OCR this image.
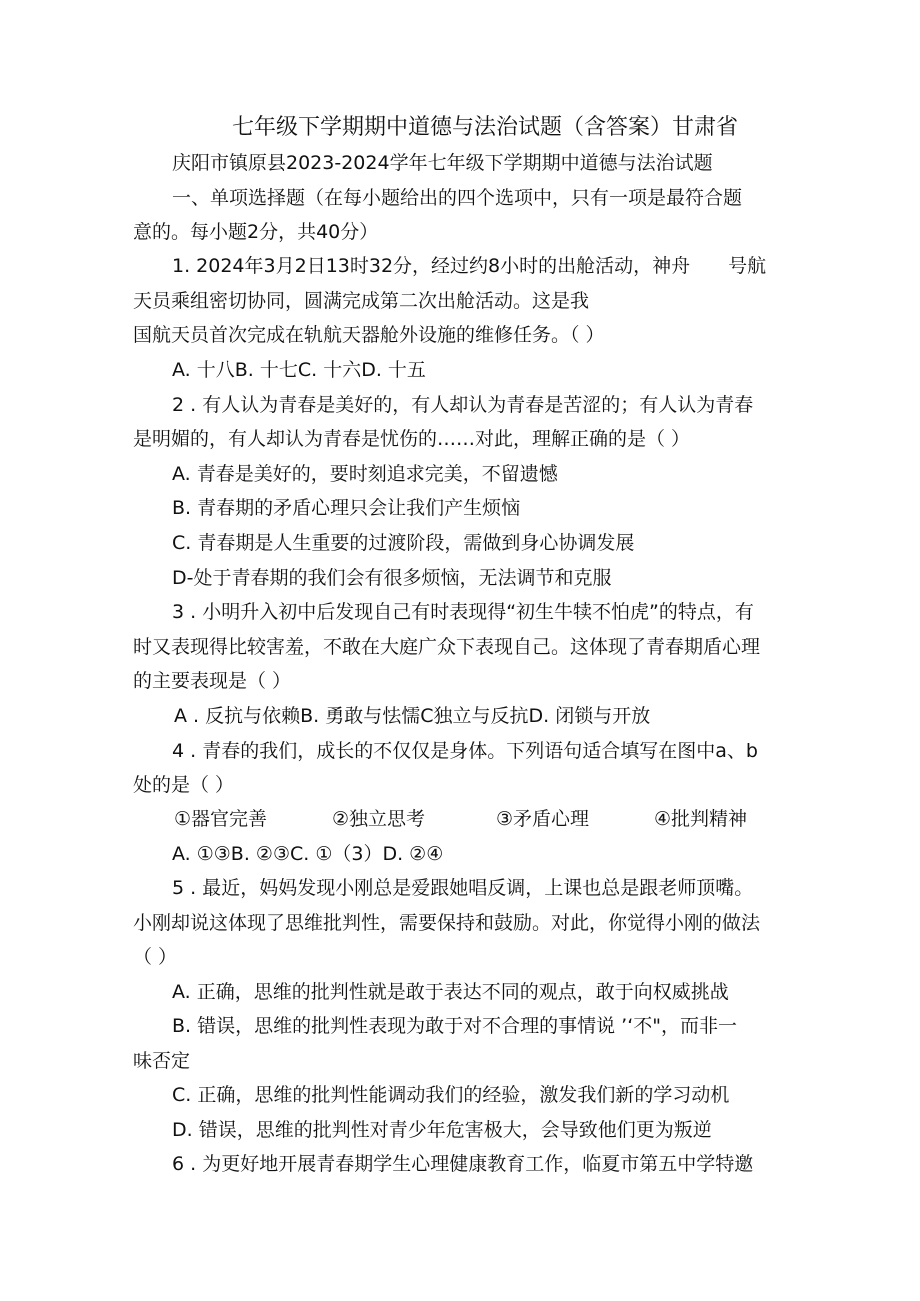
七年级下学期期中道德与法治试题（含答案）甘肃省
庆阳市镇原县2023-2024学年七年级下学期期中道德与法治试题
一、单项选择题（在每小题给出的四个选项中，只有一项是最符合题
意的。每小题2分，共40分）
1. 2024年3月2日13时32分，经过约8小时的出舱活动，神舟　　号航
天员乘组密切协同，圆满完成第二次出舱活动。这是我
国航天员首次完成在轨航天器舱外设施的维修任务。（ ）
A. 十八B. 十七C. 十六D. 十五
2 . 有人认为青春是美好的，有人却认为青春是苦涩的；有人认为青春
是明媚的，有人却认为青春是忧伤的……对此，理解正确的是（ ）
A. 青春是美好的，要时刻追求完美，不留遗憾
B. 青春期的矛盾心理只会让我们产生烦恼
C. 青春期是人生重要的过渡阶段，需做到身心协调发展
D-处于青春期的我们会有很多烦恼，无法调节和克服
3 . 小明升入初中后发现自己有时表现得“初生牛犊不怕虎”的特点，有
时又表现得比较害羞，不敢在大庭广众下表现自己。这体现了青春期盾心理
的主要表现是（ ）
A . 反抗与依赖B. 勇敢与怯懦C独立与反抗D. 闭锁与开放
4 . 青春的我们，成长的不仅仅是身体。下列语句适合填写在图中a、b
处的是（ ）
①器官完善	②独立思考	③矛盾心理	④批判精神
A. ①③B. ②③C. ①（3）D. ②④
5 . 最近，妈妈发现小刚总是爱跟她唱反调，上课也总是跟老师顶嘴。
小刚却说这体现了思维批判性，需要保持和鼓励。对此，你觉得小刚的做法
（ ）
A. 正确，思维的批判性就是敢于表达不同的观点，敢于向权威挑战
B. 错误，思维的批判性表现为敢于对不合理的事情说 ’‘不"，而非一
味否定
C. 正确，思维的批判性能调动我们的经验，激发我们新的学习动机
D. 错误，思维的批判性对青少年危害极大，会导致他们更为叛逆
6 . 为更好地开展青春期学生心理健康教育工作，临夏市第五中学特邀
